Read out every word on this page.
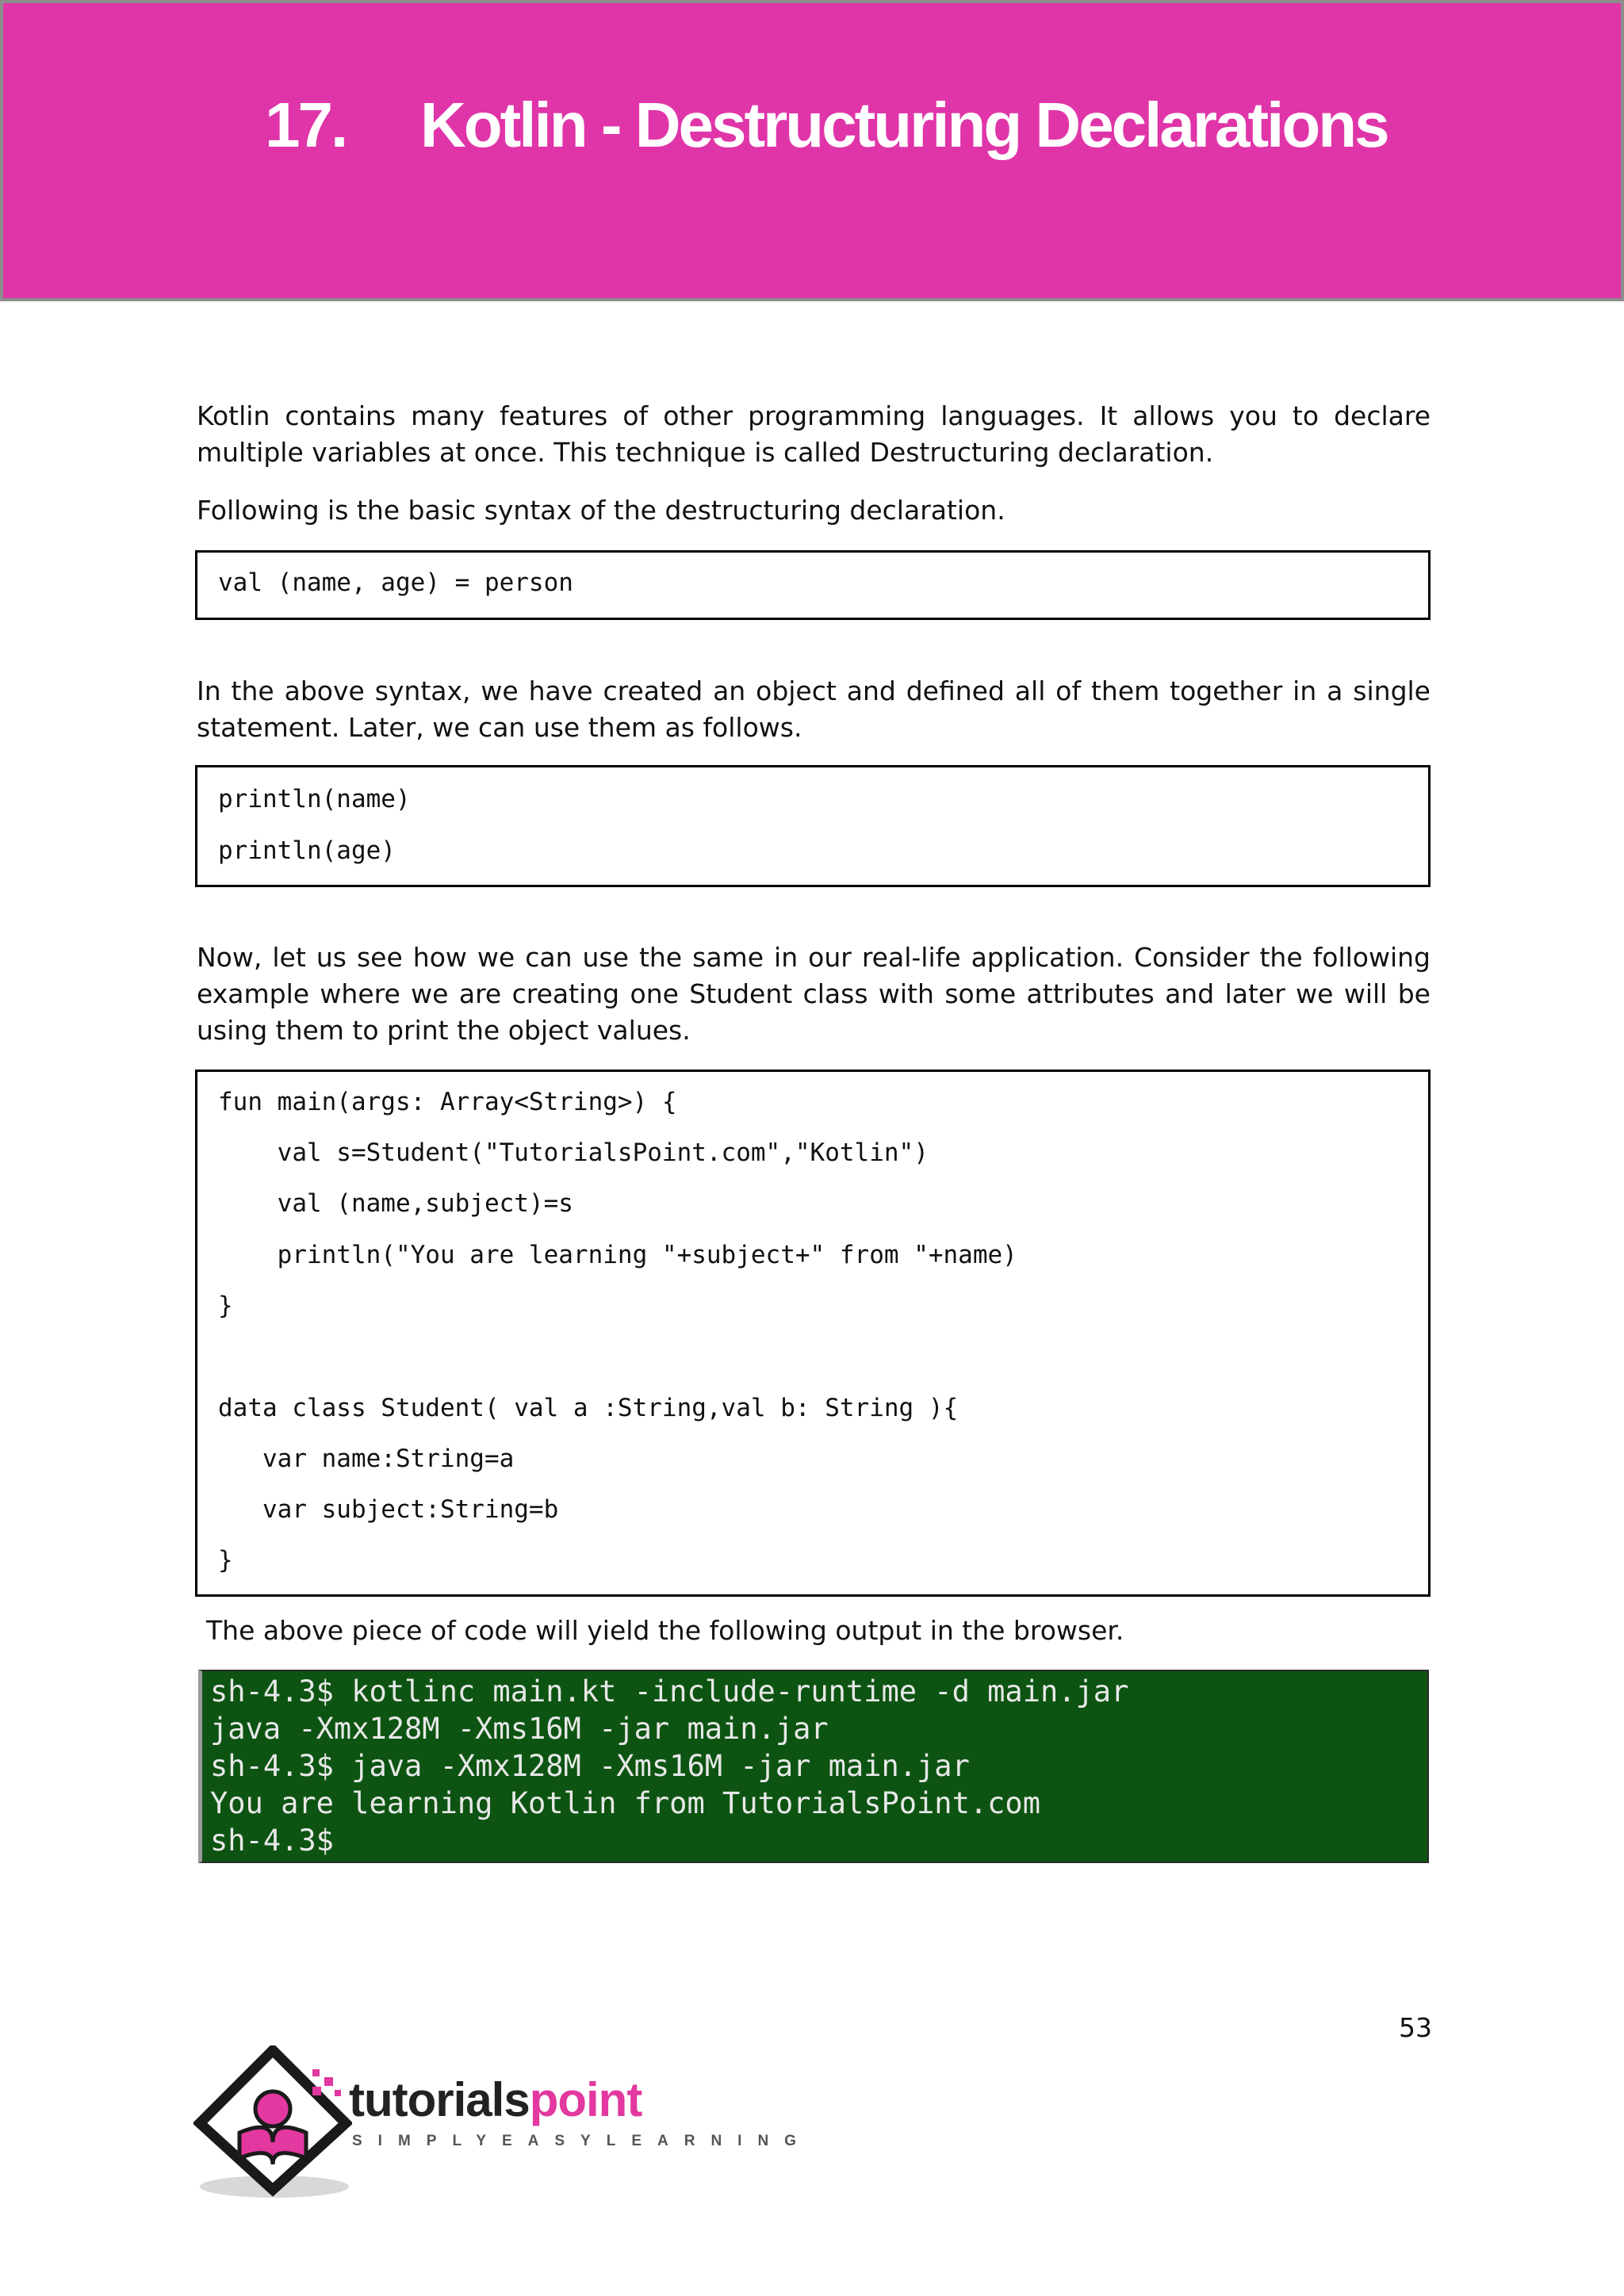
17. Kotlin - Destructuring Declarations

Kotlin contains many features of other programming languages. It allows you to declare multiple variables at once. This technique is called Destructuring declaration.

Following is the basic syntax of the destructuring declaration.

val (name, age) = person

In the above syntax, we have created an object and defined all of them together in a single statement. Later, we can use them as follows.

println(name)
println(age)

Now, let us see how we can use the same in our real-life application. Consider the following example where we are creating one Student class with some attributes and later we will be using them to print the object values.

fun main(args: Array<String>) {
val s=Student("TutorialsPoint.com","Kotlin")
val (name,subject)=s
println("You are learning "+subject+" from "+name)
}
data class Student( val a :String,val b: String ){
var name:String=a
var subject:String=b
}

The above piece of code will yield the following output in the browser.

sh-4.3$ kotlinc main.kt -include-runtime -d main.jar
java -Xmx128M -Xms16M -jar main.jar
sh-4.3$ java -Xmx128M -Xms16M -jar main.jar
You are learning Kotlin from TutorialsPoint.com
sh-4.3$
53
tutorialspoint
SIMPLYEASYLEARNING
